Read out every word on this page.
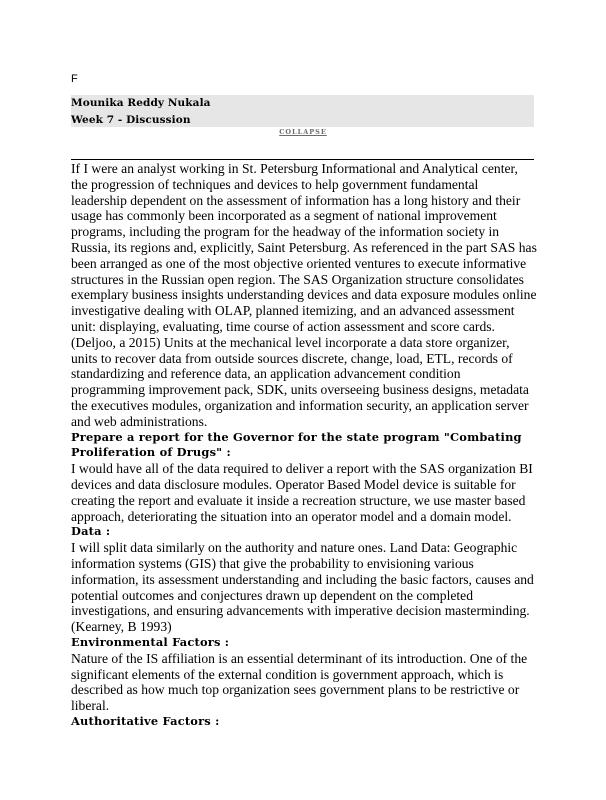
F
Mounika Reddy Nukala
Week 7 - Discussion
COLLAPSE

If I were an analyst working in St. Petersburg Informational and Analytical center, the progression of techniques and devices to help government fundamental leadership dependent on the assessment of information has a long history and their usage has commonly been incorporated as a segment of national improvement programs, including the program for the headway of the information society in Russia, its regions and, explicitly, Saint Petersburg. As referenced in the part SAS has been arranged as one of the most objective oriented ventures to execute informative structures in the Russian open region. The SAS Organization structure consolidates exemplary business insights understanding devices and data exposure modules online investigative dealing with OLAP, planned itemizing, and an advanced assessment unit: displaying, evaluating, time course of action assessment and score cards. (Deljoo, a 2015) Units at the mechanical level incorporate a data store organizer, units to recover data from outside sources discrete, change, load, ETL, records of standardizing and reference data, an application advancement condition programming improvement pack, SDK, units overseeing business designs, metadata the executives modules, organization and information security, an application server and web administrations.

Prepare a report for the Governor for the state program "Combating Proliferation of Drugs" :

I would have all of the data required to deliver a report with the SAS organization BI devices and data disclosure modules. Operator Based Model device is suitable for creating the report and evaluate it inside a recreation structure, we use master based approach, deteriorating the situation into an operator model and a domain model.

Data :

I will split data similarly on the authority and nature ones. Land Data: Geographic information systems (GIS) that give the probability to envisioning various information, its assessment understanding and including the basic factors, causes and potential outcomes and conjectures drawn up dependent on the completed investigations, and ensuring advancements with imperative decision masterminding. (Kearney, B 1993)

Environmental Factors :

Nature of the IS affiliation is an essential determinant of its introduction. One of the significant elements of the external condition is government approach, which is described as how much top organization sees government plans to be restrictive or liberal.

Authoritative Factors :
